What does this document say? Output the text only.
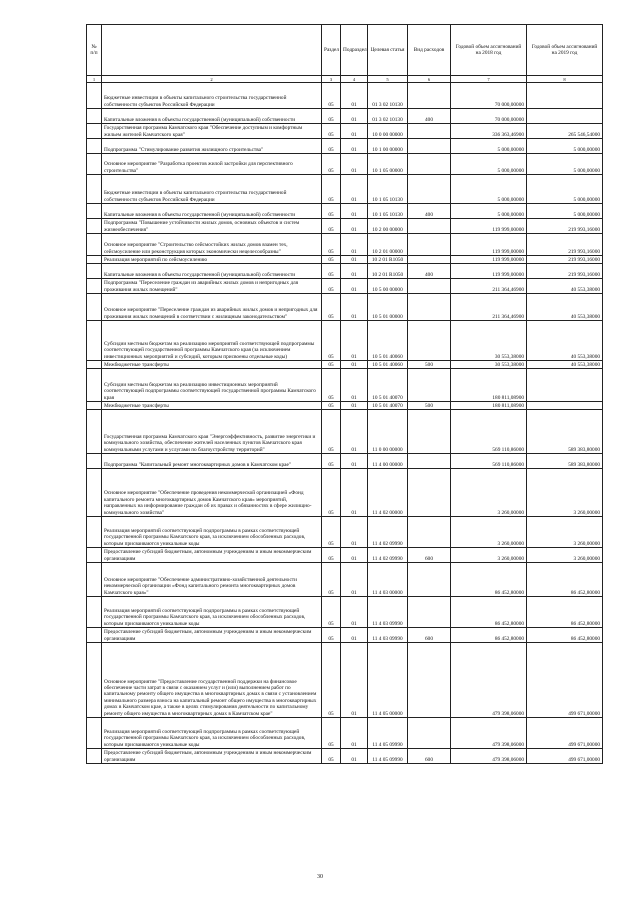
№ п/п		Раздел	Подраздел	Целевая статья	Вид расходов	Годовой объем ассигнований на 2018 год	Годовой объем ассигнований на 2019 год
1	2	3	4	5	6	7	8
	Бюджетные инвестиции в объекты капитального строительства государственной собственности субъектов Российской Федерации	05	01	01 3 02 10130		70 000,00000	
	Капитальные вложения в объекты государственной (муниципальной) собственности	05	01	01 3 02 10130	400	70 000,00000	
	Государственная программа Камчатского края "Обеспечение доступным и комфортным жильем жителей Камчатского края"	05	01	10 0 00 00000		336 363,46900	265 546,54000
	Подпрограмма "Стимулирование развития жилищного строительства"	05	01	10 1 00 00000		5 000,00000	5 000,00000
	Основное мероприятие "Разработка проектов жилой застройки для перспективного строительства"	05	01	10 1 05 00000		5 000,00000	5 000,00000
	Бюджетные инвестиции в объекты капитального строительства государственной собственности субъектов Российской Федерации	05	01	10 1 05 10130		5 000,00000	5 000,00000
	Капитальные вложения в объекты государственной (муниципальной) собственности	05	01	10 1 05 10130	400	5 000,00000	5 000,00000
	Подпрограмма "Повышение устойчивости жилых домов, основных объектов и систем жизнеобеспечения"	05	01	10 2 00 00000		119 999,00000	219 993,16000
	Основное мероприятие "Строительство сейсмостойких жилых домов взамен тех, сейсмоусиление или реконструкция которых экономически нецелесообразны"	05	01	10 2 01 00000		119 999,00000	219 993,16000
	Реализация мероприятий по сейсмоусилению	05	01	10 2 01 R1050		119 999,00000	219 993,16000
	Капитальные вложения в объекты государственной (муниципальной) собственности	05	01	10 2 01 R1050	400	119 999,00000	219 993,16000
	Подпрограмма "Переселение граждан из аварийных жилых домов и непригодных для проживания жилых помещений"	05	01	10 5 00 00000		211 364,46900	40 553,38000
	Основное мероприятие "Переселение граждан из аварийных жилых домов и непригодных для проживания жилых помещений в соответствии с жилищным законодательством"	05	01	10 5 01 00000		211 364,46900	40 553,38000
	Субсидии местным бюджетам на реализацию мероприятий соответствующей подпрограммы соответствующей государственной программы Камчатского края (за исключением инвестиционных мероприятий и субсидий, которым присвоены отдельные коды)	05	01	10 5 01 40060		30 553,38000	40 553,38000
	Межбюджетные трансферты	05	01	10 5 01 40060	500	30 553,38000	40 553,38000
	Субсидии местным бюджетам на реализацию инвестиционных мероприятий соответствующей подпрограммы соответствующей государственной программы Камчатского края	05	01	10 5 01 40070		180 811,08900	
	Межбюджетные трансферты	05	01	10 5 01 40070	500	180 811,08900	
	Государственная программа Камчатского края "Энергоэффективность, развитие энергетики и коммунального хозяйства, обеспечение жителей населенных пунктов Камчатского края коммунальными услугами и услугами по благоустройству территорий"	05	01	11 0 00 00000		569 110,86000	589 383,80000
	Подпрограмма "Капитальный ремонт многоквартирных домов в Камчатском крае"	05	01	11 4 00 00000		569 110,86000	589 383,80000
	Основное мероприятие "Обеспечение проведения некоммерческой организацией «Фонд капитального ремонта многоквартирных домов Камчатского края» мероприятий, направленных на информирование граждан об их правах и обязанностях в сфере жилищно-коммунального хозяйства"	05	01	11 4 02 00000		3 260,00000	3 260,00000
	Реализация мероприятий соответствующей подпрограммы в рамках соответствующей государственной программы Камчатского края, за исключением обособленных расходов, которым присваиваются уникальные коды	05	01	11 4 02 09990		3 260,00000	3 260,00000
	Предоставление субсидий бюджетным, автономным учреждениям и иным некоммерческим организациям	05	01	11 4 02 09990	600	3 260,00000	3 260,00000
	Основное мероприятие "Обеспечение административно-хозяйственной деятельности некоммерческой организации «Фонд капитального ремонта многоквартирных домов Камчатского края»"	05	01	11 4 03 00000		86 452,80000	86 452,80000
	Реализация мероприятий соответствующей подпрограммы в рамках соответствующей государственной программы Камчатского края, за исключением обособленных расходов, которым присваиваются уникальные коды	05	01	11 4 03 09990		86 452,80000	86 452,80000
	Предоставление субсидий бюджетным, автономным учреждениям и иным некоммерческим организациям	05	01	11 4 03 09990	600	86 452,80000	86 452,80000
	Основное мероприятие "Предоставление государственной поддержки на финансовое обеспечение части затрат в связи с оказанием услуг и (или) выполнением работ по капитальному ремонту общего имущества в многоквартирных домах в связи с установлением минимального размера взноса на капитальный ремонт общего имущества в многоквартирных домах в Камчатском крае, а также в целях стимулирования деятельности по капитальному ремонту общего имущества в многоквартирных домах в Камчатском крае"	05	01	11 4 05 00000		479 398,06000	499 671,00000
	Реализация мероприятий соответствующей подпрограммы в рамках соответствующей государственной программы Камчатского края, за исключением обособленных расходов, которым присваиваются уникальные коды	05	01	11 4 05 09990		479 398,06000	499 671,00000
	Предоставление субсидий бюджетным, автономным учреждениям и иным некоммерческим организациям	05	01	11 4 05 09990	600	479 398,06000	499 671,00000
30
